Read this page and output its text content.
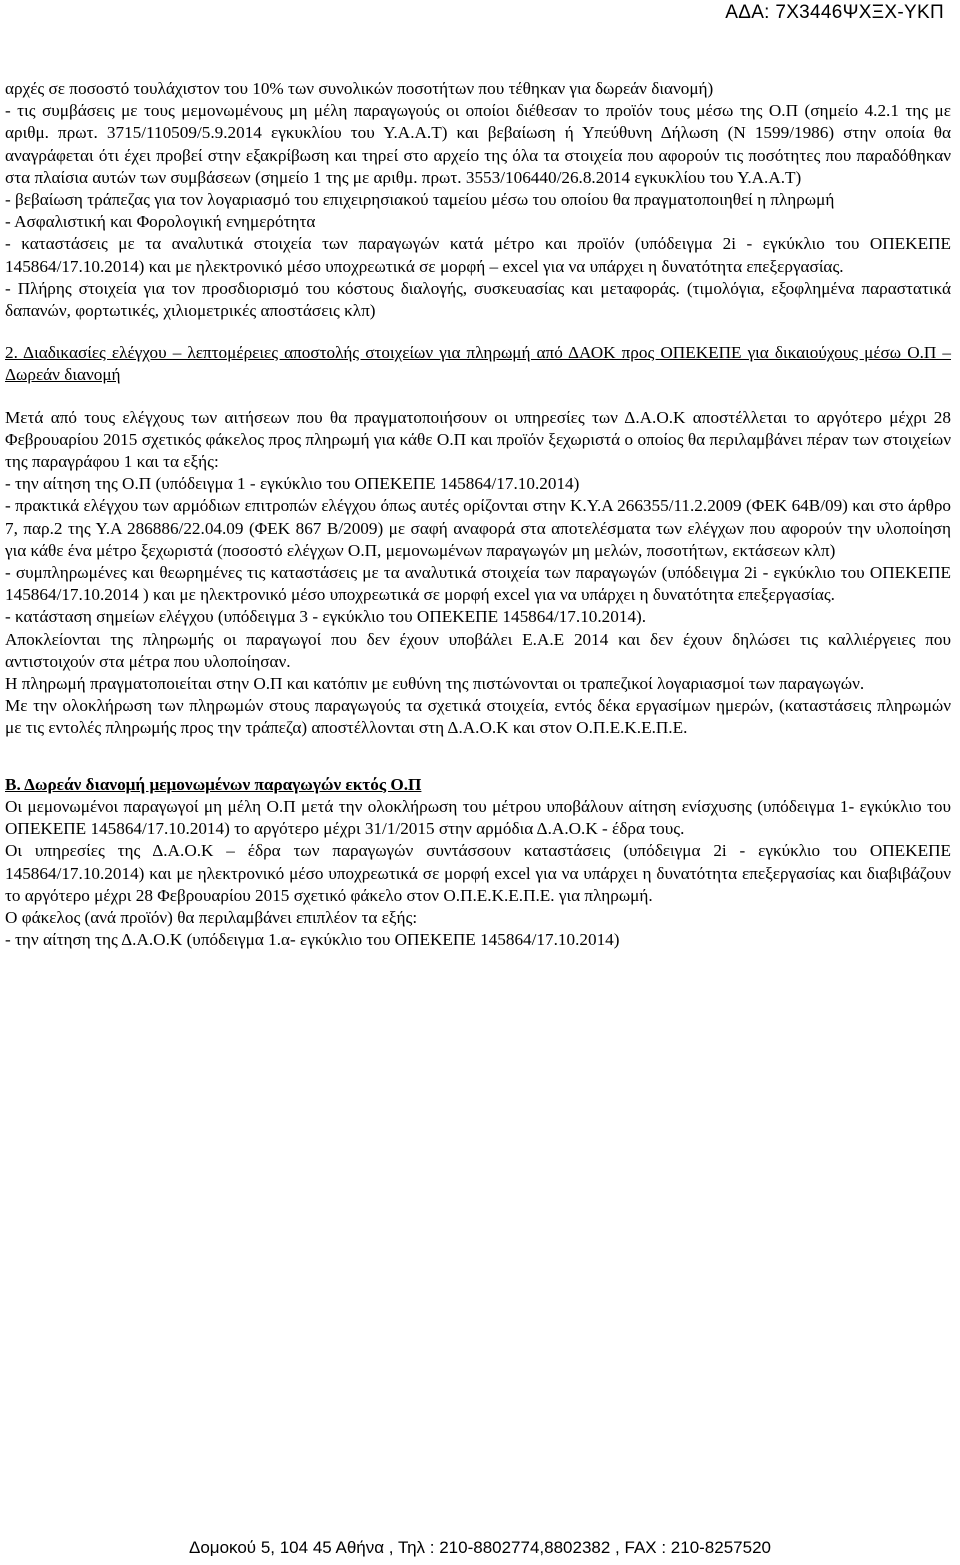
ΑΔΑ: 7Χ3446ΨΧΞΧ-ΥΚΠ

αρχές σε ποσοστό τουλάχιστον του 10% των συνολικών ποσοτήτων που τέθηκαν για δωρεάν διανομή)

- τις συμβάσεις με τους μεμονωμένους μη μέλη παραγωγούς οι οποίοι διέθεσαν το προϊόν τους μέσω της Ο.Π (σημείο 4.2.1 της με αριθμ. πρωτ. 3715/110509/5.9.2014 εγκυκλίου του Υ.Α.Α.Τ) και βεβαίωση ή Υπεύθυνη Δήλωση (Ν 1599/1986) στην οποία θα αναγράφεται ότι έχει προβεί στην εξακρίβωση και τηρεί στο αρχείο της όλα τα στοιχεία που αφορούν τις ποσότητες που παραδόθηκαν στα πλαίσια αυτών των συμβάσεων (σημείο 1 της με αριθμ. πρωτ. 3553/106440/26.8.2014 εγκυκλίου του Υ.Α.Α.Τ)

- βεβαίωση τράπεζας για τον λογαριασμό του επιχειρησιακού ταμείου μέσω του οποίου θα πραγματοποιηθεί η πληρωμή

- Ασφαλιστική και Φορολογική ενημερότητα

- καταστάσεις με τα αναλυτικά στοιχεία των παραγωγών κατά μέτρο και προϊόν (υπόδειγμα 2i - εγκύκλιο του ΟΠΕΚΕΠΕ 145864/17.10.2014) και με ηλεκτρονικό μέσο υποχρεωτικά σε μορφή – excel για να υπάρχει η δυνατότητα επεξεργασίας.

- Πλήρης στοιχεία για τον προσδιορισμό του κόστους διαλογής, συσκευασίας και μεταφοράς. (τιμολόγια, εξοφλημένα παραστατικά δαπανών, φορτωτικές, χιλιομετρικές αποστάσεις κλπ)

2. Διαδικασίες ελέγχου – λεπτομέρειες αποστολής στοιχείων για πληρωμή από ΔΑΟΚ προς ΟΠΕΚΕΠΕ για δικαιούχους μέσω Ο.Π – Δωρεάν διανομή

Μετά από τους ελέγχους των αιτήσεων που θα πραγματοποιήσουν οι υπηρεσίες των Δ.Α.Ο.Κ αποστέλλεται το αργότερο μέχρι 28 Φεβρουαρίου 2015 σχετικός φάκελος προς πληρωμή για κάθε Ο.Π και προϊόν ξεχωριστά ο οποίος θα περιλαμβάνει πέραν των στοιχείων της παραγράφου 1 και τα εξής:

- την αίτηση της Ο.Π (υπόδειγμα 1 - εγκύκλιο του ΟΠΕΚΕΠΕ 145864/17.10.2014)

- πρακτικά ελέγχου των αρμόδιων επιτροπών ελέγχου όπως αυτές ορίζονται στην Κ.Υ.Α 266355/11.2.2009 (ΦΕΚ 64Β/09) και στο άρθρο 7, παρ.2 της Υ.Α 286886/22.04.09 (ΦΕΚ 867 Β/2009) με σαφή αναφορά στα αποτελέσματα των ελέγχων που αφορούν την υλοποίηση για κάθε ένα μέτρο ξεχωριστά (ποσοστό ελέγχων Ο.Π, μεμονωμένων παραγωγών μη μελών, ποσοτήτων, εκτάσεων κλπ)

- συμπληρωμένες και θεωρημένες τις καταστάσεις με τα αναλυτικά στοιχεία των παραγωγών (υπόδειγμα 2i - εγκύκλιο του ΟΠΕΚΕΠΕ 145864/17.10.2014 ) και με ηλεκτρονικό μέσο υποχρεωτικά σε μορφή excel για να υπάρχει η δυνατότητα επεξεργασίας.

- κατάσταση σημείων ελέγχου (υπόδειγμα 3 - εγκύκλιο του ΟΠΕΚΕΠΕ 145864/17.10.2014).

Αποκλείονται της πληρωμής οι παραγωγοί που δεν έχουν υποβάλει Ε.Α.Ε 2014 και δεν έχουν δηλώσει τις καλλιέργειες που αντιστοιχούν στα μέτρα που υλοποίησαν.

Η πληρωμή πραγματοποιείται στην Ο.Π και κατόπιν με ευθύνη της πιστώνονται οι τραπεζικοί λογαριασμοί των παραγωγών.

Με την ολοκλήρωση των πληρωμών στους παραγωγούς τα σχετικά στοιχεία, εντός δέκα εργασίμων ημερών, (καταστάσεις πληρωμών με τις εντολές πληρωμής προς την τράπεζα) αποστέλλονται στη Δ.Α.Ο.Κ και στον Ο.Π.Ε.Κ.Ε.Π.Ε.

Β. Δωρεάν διανομή μεμονωμένων παραγωγών εκτός Ο.Π

Οι μεμονωμένοι παραγωγοί μη μέλη Ο.Π μετά την ολοκλήρωση του μέτρου υποβάλουν αίτηση ενίσχυσης (υπόδειγμα 1- εγκύκλιο του ΟΠΕΚΕΠΕ 145864/17.10.2014) το αργότερο μέχρι 31/1/2015 στην αρμόδια Δ.Α.Ο.Κ - έδρα τους.

Οι υπηρεσίες της Δ.Α.Ο.Κ – έδρα των παραγωγών συντάσσουν καταστάσεις (υπόδειγμα 2i - εγκύκλιο του ΟΠΕΚΕΠΕ 145864/17.10.2014) και με ηλεκτρονικό μέσο υποχρεωτικά σε μορφή excel για να υπάρχει η δυνατότητα επεξεργασίας και διαβιβάζουν το αργότερο μέχρι 28 Φεβρουαρίου 2015 σχετικό φάκελο στον Ο.Π.Ε.Κ.Ε.Π.Ε. για πληρωμή.

Ο φάκελος (ανά προϊόν) θα περιλαμβάνει επιπλέον τα εξής:

- την αίτηση της Δ.Α.Ο.Κ (υπόδειγμα 1.α- εγκύκλιο του ΟΠΕΚΕΠΕ 145864/17.10.2014)

Δομοκού 5, 104 45 Αθήνα , Τηλ : 210-8802774,8802382 , FAX : 210-8257520
